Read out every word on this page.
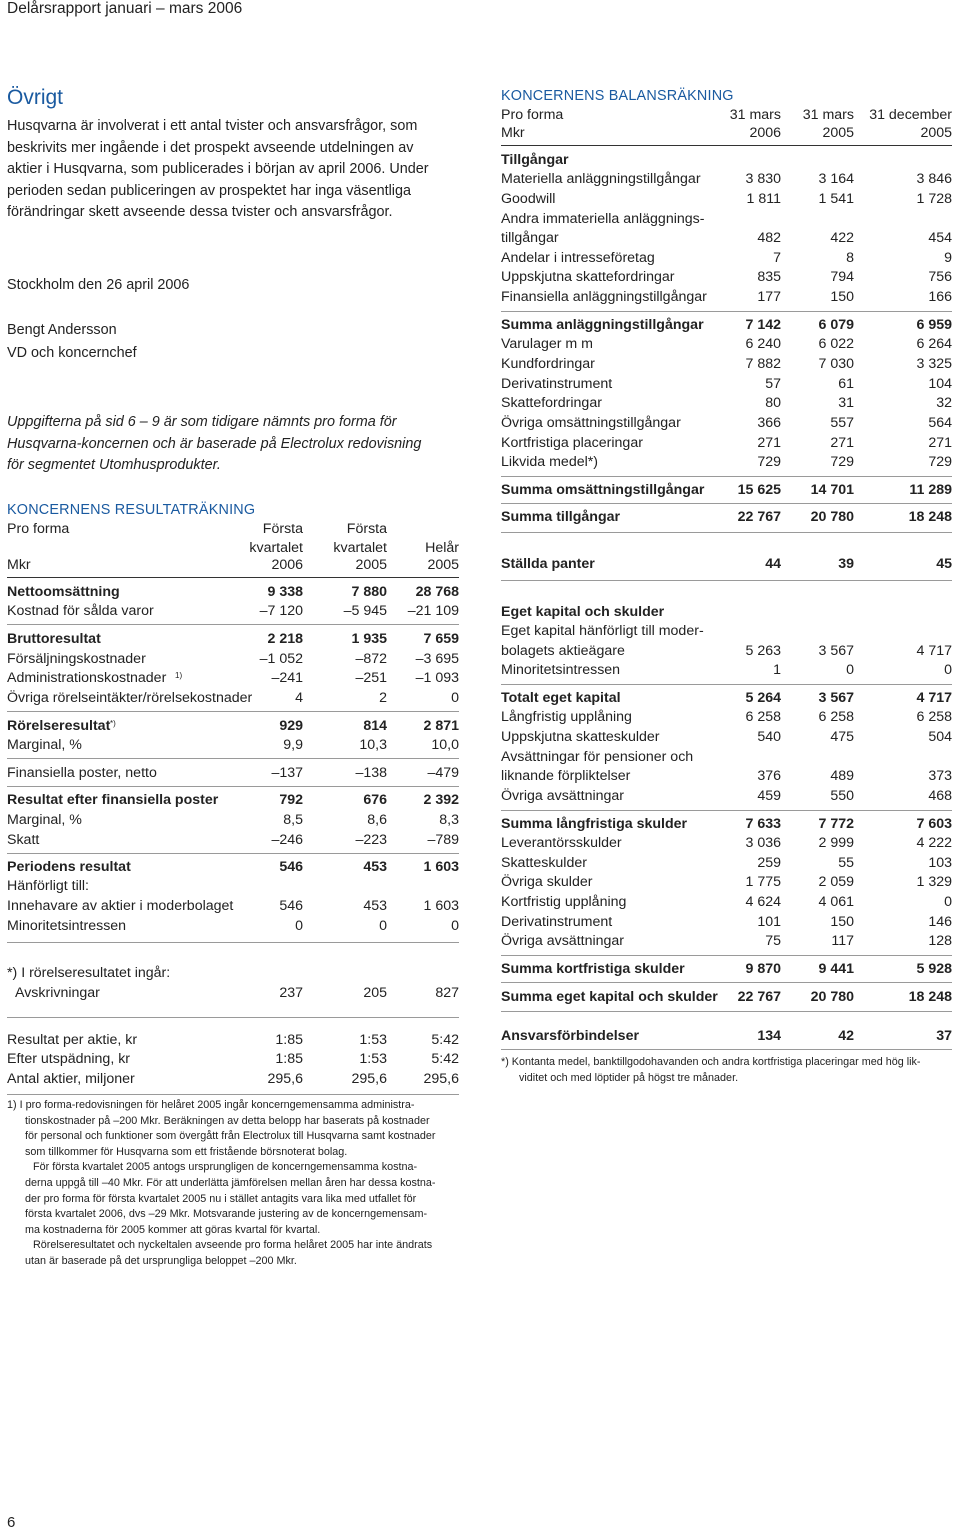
Delårsrapport januari – mars 2006
Övrigt
Husqvarna är involverat i ett antal tvister och ansvarsfrågor, som
beskrivits mer ingående i det prospekt avseende utdelningen av
aktier i Husqvarna, som publicerades i början av april 2006. Under
perioden sedan publiceringen av prospektet har inga väsentliga
förändringar skett avseende dessa tvister och ansvarsfrågor.
Stockholm den 26 april 2006
Bengt Andersson
VD och koncernchef
Uppgifterna på sid 6 – 9 är som tidigare nämnts pro forma för
Husqvarna-koncernen och är baserade på Electrolux redovisning
för segmentet Utomhusprodukter.
KONCERNENS RESULTATRÄKNING
Pro forma	Första	Första
kvartalet	kvartalet	Helår
Mkr	2006	2005	2005
Nettoomsättning	9 338	7 880	28 768
Kostnad för sålda varor	–7 120	–5 945	–21 109
Bruttoresultat	2 218	1 935	7 659
Försäljningskostnader	–1 052	–872	–3 695
Administrationskostnader 1)	–241	–251	–1 093
Övriga rörelseintäkter/rörelsekostnader	4	2	0
Rörelseresultat *)	929	814	2 871
Marginal, %	9,9	10,3	10,0
Finansiella poster, netto	–137	–138	–479
Resultat efter finansiella poster	792	676	2 392
Marginal, %	8,5	8,6	8,3
Skatt	–246	–223	–789
Periodens resultat	546	453	1 603
Hänförligt till:
Innehavare av aktier i moderbolaget	546	453	1 603
Minoritetsintressen	0	0	0
*) I rörelseresultatet ingår:
Avskrivningar	237	205	827
Resultat per aktie, kr	1:85	1:53	5:42
Efter utspädning, kr	1:85	1:53	5:42
Antal aktier, miljoner	295,6	295,6	295,6
1) I pro forma-redovisningen för helåret 2005 ingår koncerngemensamma administra-
tionskostnader på –200 Mkr. Beräkningen av detta belopp har baserats på kostnader
för personal och funktioner som övergått från Electrolux till Husqvarna samt kostnader
som tillkommer för Husqvarna som ett fristående börsnoterat bolag.
För första kvartalet 2005 antogs ursprungligen de koncerngemensamma kostna-
derna uppgå till –40 Mkr. För att underlätta jämförelsen mellan åren har dessa kostna-
der pro forma för första kvartalet 2005 nu i stället antagits vara lika med utfallet för
första kvartalet 2006, dvs –29 Mkr. Motsvarande justering av de koncerngemensam-
ma kostnaderna för 2005 kommer att göras kvartal för kvartal.
Rörelseresultatet och nyckeltalen avseende pro forma helåret 2005 har inte ändrats
utan är baserade på det ursprungliga beloppet –200 Mkr.
KONCERNENS BALANSRÄKNING
Pro forma	31 mars	31 mars	31 december
Mkr	2006	2005	2005
Tillgångar
Materiella anläggningstillgångar	3 830	3 164	3 846
Goodwill	1 811	1 541	1 728
Andra immateriella anläggnings-
tillgångar	482	422	454
Andelar i intresseföretag	7	8	9
Uppskjutna skattefordringar	835	794	756
Finansiella anläggningstillgångar	177	150	166
Summa anläggningstillgångar	7 142	6 079	6 959
Varulager m m	6 240	6 022	6 264
Kundfordringar	7 882	7 030	3 325
Derivatinstrument	57	61	104
Skattefordringar	80	31	32
Övriga omsättningstillgångar	366	557	564
Kortfristiga placeringar	271	271	271
Likvida medel*)	729	729	729
Summa omsättningstillgångar	15 625	14 701	11 289
Summa tillgångar	22 767	20 780	18 248
Ställda panter	44	39	45
Eget kapital och skulder
Eget kapital hänförligt till moder-
bolagets aktieägare	5 263	3 567	4 717
Minoritetsintressen	1	0	0
Totalt eget kapital	5 264	3 567	4 717
Långfristig upplåning	6 258	6 258	6 258
Uppskjutna skatteskulder	540	475	504
Avsättningar för pensioner och
liknande förpliktelser	376	489	373
Övriga avsättningar	459	550	468
Summa långfristiga skulder	7 633	7 772	7 603
Leverantörsskulder	3 036	2 999	4 222
Skatteskulder	259	55	103
Övriga skulder	1 775	2 059	1 329
Kortfristig upplåning	4 624	4 061	0
Derivatinstrument	101	150	146
Övriga avsättningar	75	117	128
Summa kortfristiga skulder	9 870	9 441	5 928
Summa eget kapital och skulder	22 767	20 780	18 248
Ansvarsförbindelser	134	42	37
*) Kontanta medel, banktillgodohavanden och andra kortfristiga placeringar med hög lik-
viditet och med löptider på högst tre månader.
6
